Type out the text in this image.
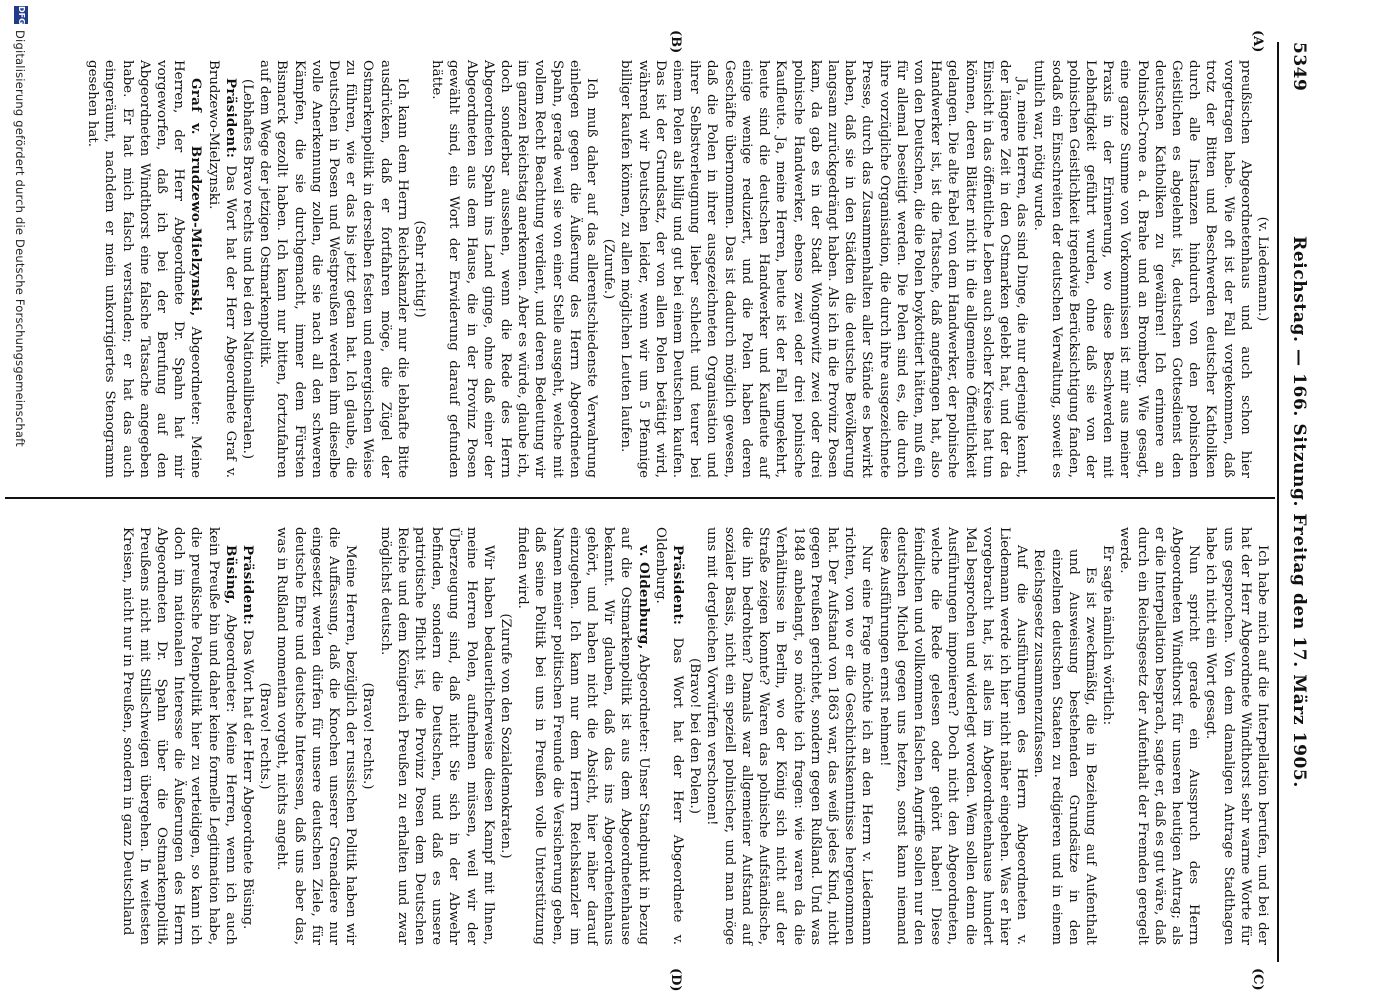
5349
Reichstag. — 166. Sitzung. Freitag den 17. März 1905.
(A)
(B)
(C)
(D)

(v. Liedemann.)

preußischen Abgeordnetenhaus und auch schon hier vorgetragen habe. Wie oft ist der Fall vorgekommen, daß trotz der Bitten und Beschwerden deutscher Katholiken durch alle Instanzen hindurch von den polnischen Geistlichen es abgelehnt ist, deutschen Gottesdienst den deutschen Katholiken zu gewähren! Ich erinnere an Polnisch-Crone a. d. Brahe und an Bromberg. Wie gesagt, eine ganze Summe von Vorkommnissen ist mir aus meiner Praxis in der Erinnerung, wo diese Beschwerden mit Lebhaftigkeit geführt wurden, ohne daß sie von der polnischen Geistlichkeit irgendwie Berücksichtigung fanden, sodaß ein Einschreiten der deutschen Verwaltung, soweit es tunlich war, nötig wurde.

Ja, meine Herren, das sind Dinge, die nur derjenige kennt, der längere Zeit in den Ostmarken gelebt hat, und der da Einsicht in das öffentliche Leben auch solcher Kreise hat tun können, deren Blätter nicht in die allgemeine Öffentlichkeit gelangen. Die alte Fabel von dem Handwerker, der polnische Handwerker ist, ist die Tatsache, daß angefangen hat, also von den Deutschen, die die Polen boykottiert hätten, muß ein für allemal beseitigt werden. Die Polen sind es, die durch ihre vorzügliche Organisation, die durch ihre ausgezeichnete Presse, durch das Zusammenhalten aller Stände es bewirkt haben, daß sie in den Städten die deutsche Bevölkerung langsam zurückgedrängt haben. Als ich in die Provinz Posen kam, da gab es in der Stadt Wongrowitz zwei oder drei polnische Handwerker, ebenso zwei oder drei polnische Kaufleute. Ja, meine Herren, heute ist der Fall umgekehrt, heute sind die deutschen Handwerker und Kaufleute auf einige wenige reduziert, und die Polen haben deren Geschäfte übernommen. Das ist dadurch möglich gewesen, daß die Polen in ihrer ausgezeichneten Organisation und ihrer Selbstverleugnung lieber schlecht und teurer bei einem Polen als billig und gut bei einem Deutschen kaufen. Das ist der Grundsatz, der von allen Polen betätigt wird, während wir Deutschen leider, wenn wir um 5 Pfennige billiger kaufen können, zu allen möglichen Leuten laufen.

(Zurufe.)

Ich muß daher auf das allerentschiedenste Verwahrung einlegen gegen die Äußerung des Herrn Abgeordneten Spahn, gerade weil sie von einer Stelle ausgeht, welche mit vollem Recht Beachtung verdient, und deren Bedeutung wir im ganzen Reichstag anerkennen. Aber es würde, glaube ich, doch sonderbar aussehen, wenn die Rede des Herrn Abgeordneten Spahn ins Land ginge, ohne daß einer der Abgeordneten aus dem Hause, die in der Provinz Posen gewählt sind, ein Wort der Erwiderung darauf gefunden hätte.

(Sehr richtig!)

Ich kann dem Herrn Reichskanzler nur die lebhafte Bitte ausdrücken, daß er fortfahren möge, die Zügel der Ostmarkenpolitik in derselben festen und energischen Weise zu führen, wie er das bis jetzt getan hat. Ich glaube, die Deutschen in Posen und Westpreußen werden ihm dieselbe volle Anerkennung zollen, die sie nach all den schweren Kämpfen, die sie durchgemacht, immer dem Fürsten Bismarck gezollt haben. Ich kann nur bitten, fortzufahren auf dem Wege der jetzigen Ostmarkenpolitik.

(Lebhaftes Bravo rechts und bei den Nationalliberalen.)

Präsident: Das Wort hat der Herr Abgeordnete Graf v. Brudzewo-Mielzynski.

Graf v. Brudzewo-Mielzynski, Abgeordneter: Meine Herren, der Herr Abgeordnete Dr. Spahn hat mir vorgeworfen, daß ich bei der Berufung auf den Abgeordneten Windthorst eine falsche Tatsache angegeben habe. Er hat mich falsch verstanden; er hat das auch eingeräumt, nachdem er mein unkorrigiertes Stenogramm gesehen hat.

Ich habe mich auf die Interpellation berufen, und bei der hat der Herr Abgeordnete Windthorst sehr warme Worte für uns gesprochen. Von dem damaligen Antrage Stadthagen habe ich nicht ein Wort gesagt.

Nun spricht gerade ein Ausspruch des Herrn Abgeordneten Windthorst für unseren heutigen Antrag; als er die Interpellation besprach, sagte er, daß es gut wäre, daß durch ein Reichsgesetz der Aufenthalt der Fremden geregelt werde.

Er sagte nämlich wörtlich:

Es ist zweckmäßig, die in Beziehung auf Aufenthalt und Ausweisung bestehenden Grundsätze in den einzelnen deutschen Staaten zu redigieren und in einem Reichsgesetz zusammenzufassen.

Auf die Ausführungen des Herrn Abgeordneten v. Liedemann werde ich hier nicht näher eingehen. Was er hier vorgebracht hat, ist alles im Abgeordnetenhause hundert Mal besprochen und widerlegt worden. Wem sollen denn die Ausführungen imponieren? Doch nicht den Abgeordneten, welche die Rede gelesen oder gehört haben! Diese feindlichen und vollkommen falschen Angriffe sollen nur den deutschen Michel gegen uns hetzen, sonst kann niemand diese Ausführungen ernst nehmen!

Nur eine Frage möchte ich an den Herrn v. Liedemann richten, von wo er die Geschichtskenntnisse hergenommen hat. Der Aufstand von 1863 war, das weiß jedes Kind, nicht gegen Preußen gerichtet, sondern gegen Rußland. Und was 1848 anbelangt, so möchte ich fragen: wie waren da die Verhältnisse in Berlin, wo der König sich nicht auf der Straße zeigen konnte? Waren das polnische Aufständische, die ihn bedrohten? Damals war allgemeiner Aufstand auf sozialer Basis, nicht ein speziell polnischer, und man möge uns mit dergleichen Vorwürfen verschonen!

(Bravo! bei den Polen.)

Präsident: Das Wort hat der Herr Abgeordnete v. Oldenburg.

v. Oldenburg, Abgeordneter: Unser Standpunkt in bezug auf die Ostmarkenpolitik ist aus dem Abgeordnetenhause bekannt. Wir glauben, daß das ins Abgeordnetenhaus gehört, und haben nicht die Absicht, hier näher darauf einzugehen. Ich kann nur dem Herrn Reichskanzler im Namen meiner politischen Freunde die Versicherung geben, daß seine Politik bei uns in Preußen volle Unterstützung finden wird.

(Zurufe von den Sozialdemokraten.)

Wir haben bedauerlicherweise diesen Kampf mit Ihnen, meine Herren Polen, aufnehmen müssen, weil wir der Überzeugung sind, daß nicht Sie sich in der Abwehr befinden, sondern die Deutschen, und daß es unsere patriotische Pflicht ist, die Provinz Posen dem Deutschen Reiche und dem Königreich Preußen zu erhalten und zwar möglichst deutsch.

(Bravo! rechts.)

Meine Herren, bezüglich der russischen Politik haben wir die Auffassung, daß die Knochen unserer Grenadiere nur eingesetzt werden dürfen für unsere deutschen Ziele, für deutsche Ehre und deutsche Interessen, daß uns aber das, was in Rußland momentan vorgeht, nichts angeht.

(Bravo! rechts.)

Präsident: Das Wort hat der Herr Abgeordnete Büsing.

Büsing, Abgeordneter: Meine Herren, wenn ich auch kein Preuße bin und daher keine formelle Legitimation habe, die preußische Polenpolitik hier zu verteidigen, so kann ich doch im nationalen Interesse die Äußerungen des Herrn Abgeordneten Dr. Spahn über die Ostmarkenpolitik Preußens nicht mit Stillschweigen übergehen. In weitesten Kreisen, nicht nur in Preußen, sondern in ganz Deutschland

DFG
Digitalisierung gefördert durch die Deutsche Forschungsgemeinschaft
